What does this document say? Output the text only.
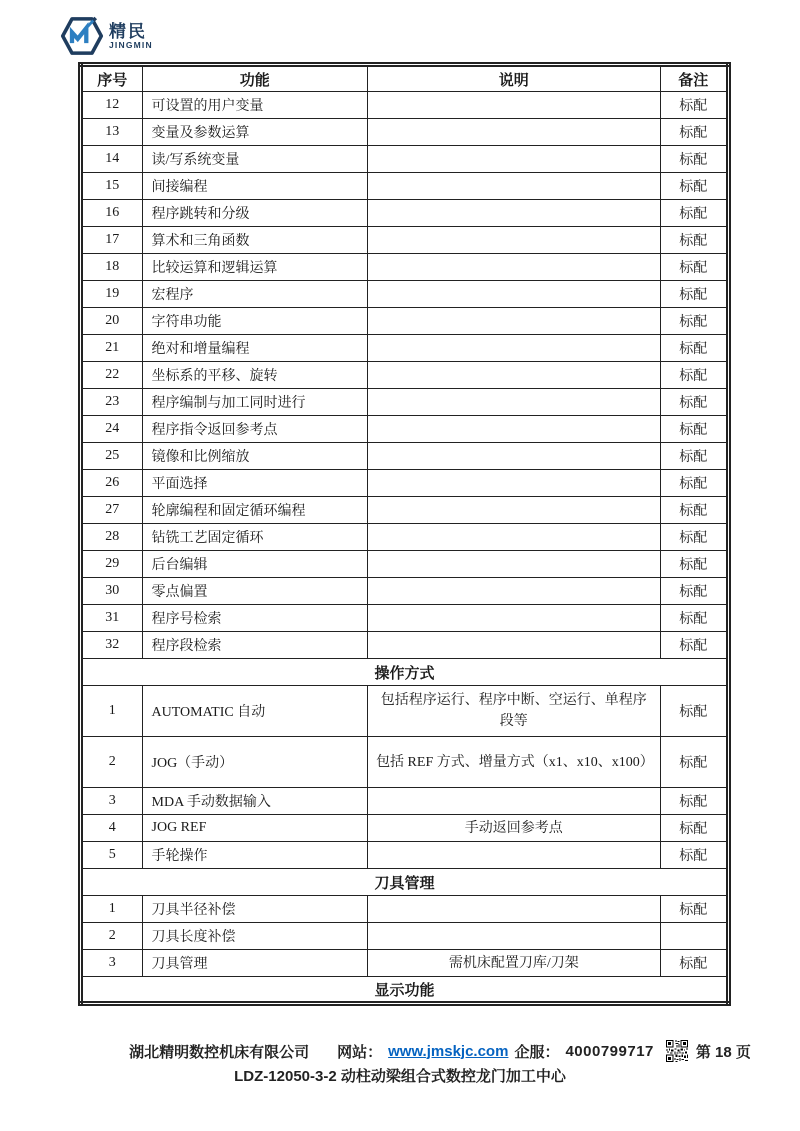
精民
JINGMIN
序号	功能	说明	备注
12	可设置的用户变量		标配
13	变量及参数运算		标配
14	读/写系统变量		标配
15	间接编程		标配
16	程序跳转和分级		标配
17	算术和三角函数		标配
18	比较运算和逻辑运算		标配
19	宏程序		标配
20	字符串功能		标配
21	绝对和增量编程		标配
22	坐标系的平移、旋转		标配
23	程序编制与加工同时进行		标配
24	程序指令返回参考点		标配
25	镜像和比例缩放		标配
26	平面选择		标配
27	轮廓编程和固定循环编程		标配
28	钻铣工艺固定循环		标配
29	后台编辑		标配
30	零点偏置		标配
31	程序号检索		标配
32	程序段检索		标配
操作方式			
1	AUTOMATIC 自动	包括程序运行、程序中断、空运行、单程序段等	标配
2	JOG（手动）	包括 REF 方式、增量方式（x1、x10、x100）	标配
3	MDA 手动数据输入		标配
4	JOG REF	手动返回参考点	标配
5	手轮操作		标配
刀具管理			
1	刀具半径补偿		标配
2	刀具长度补偿		
3	刀具管理	需机床配置刀库/刀架	标配
显示功能			
湖北精明数控机床有限公司 网站： www.jmskjc.com 企服： 4000799717	第 18 页
LDZ-12050-3-2 动柱动梁组合式数控龙门加工中心
